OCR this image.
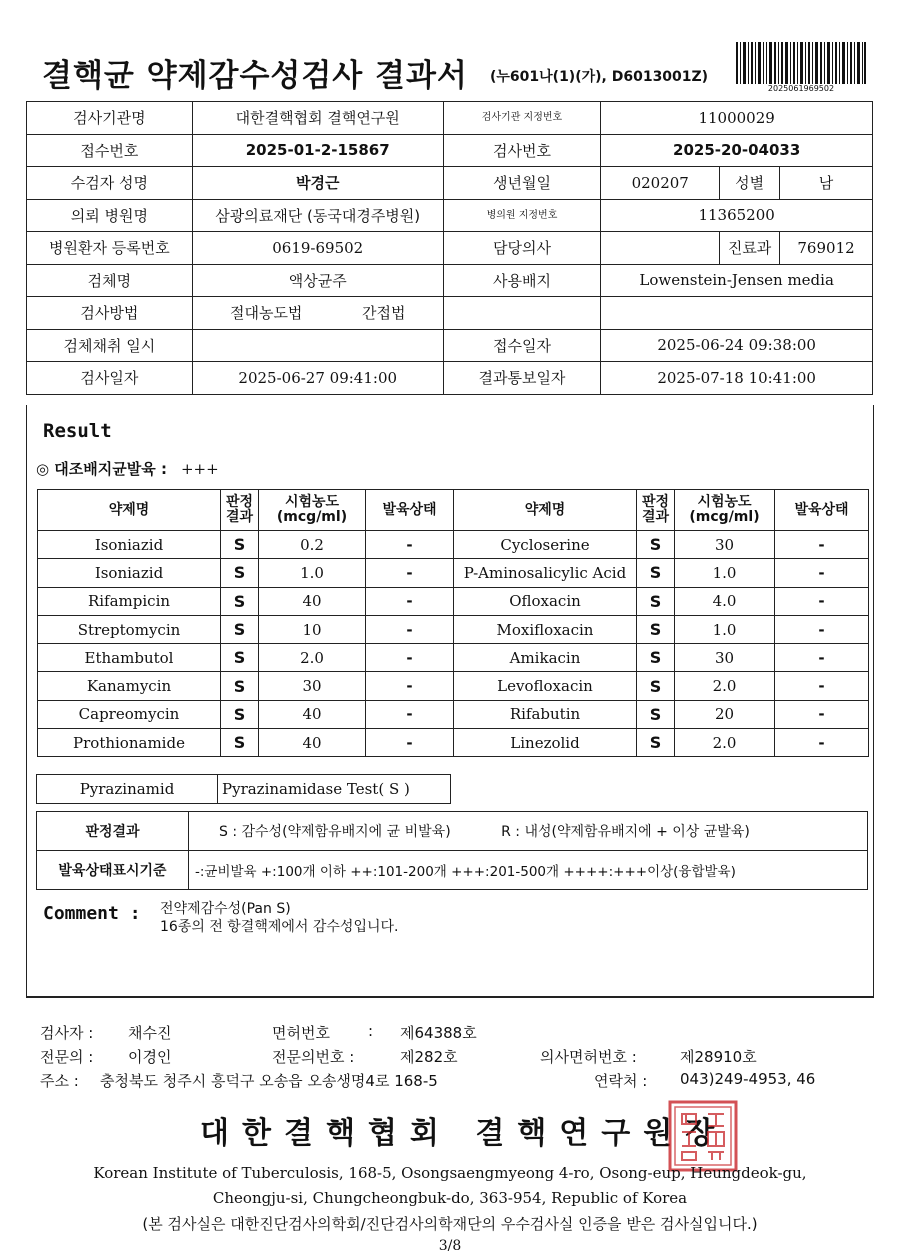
결핵균 약제감수성검사 결과서 (누601나(1)(가), D6013001Z)
2025061969502
검사기관명	대한결핵협회 결핵연구원	검사기관 지정번호	11000029		
접수번호	2025-01-2-15867	검사번호	2025-20-04033		
수검자 성명	박경근	생년월일	020207	성별	남
의뢰 병원명	삼광의료재단 (동국대경주병원)	병의원 지정번호	11365200		
병원환자 등록번호	0619-69502	담당의사		진료과	769012
검체명	액상균주	사용배지	Lowenstein-Jensen media		
검사방법	절대농도법 간접법				
검체채취 일시		접수일자	2025-06-24 09:38:00		
검사일자	2025-06-27 09:41:00	결과통보일자	2025-07-18 10:41:00		
Result
◎ 대조배지균발육 : +++
약제명	판정결과	시험농도(mcg/ml)	발육상태	약제명	판정결과	시험농도(mcg/ml)	발육상태
Isoniazid	S	0.2	-	Cycloserine	S	30	-
Isoniazid	S	1.0	-	P-Aminosalicylic Acid	S	1.0	-
Rifampicin	S	40	-	Ofloxacin	S	4.0	-
Streptomycin	S	10	-	Moxifloxacin	S	1.0	-
Ethambutol	S	2.0	-	Amikacin	S	30	-
Kanamycin	S	30	-	Levofloxacin	S	2.0	-
Capreomycin	S	40	-	Rifabutin	S	20	-
Prothionamide	S	40	-	Linezolid	S	2.0	-
Pyrazinamid	Pyrazinamidase Test( S )
판정결과	S : 감수성(약제함유배지에 균 비발육) R : 내성(약제함유배지에 + 이상 균발육)
발육상태표시기준	-:균비발육 +:100개 이하 ++:101-200개 +++:201-500개 ++++:+++이상(융합발육)
Comment : 전약제감수성(Pan S)
16종의 전 항결핵제에서 감수성입니다.
검사자 : 채수진	면허번호	: 제64388호
전문의 : 이경인	전문의번호 :	제282호	의사면허번호 :	제28910호
주소 : 충청북도 청주시 흥덕구 오송읍 오송생명4로 168-5	연락처 : 043)249-4953, 46
대한결핵협회 결핵연구원장
Korean Institute of Tuberculosis, 168-5, Osongsaengmyeong 4-ro, Osong-eup, Heungdeok-gu,
Cheongju-si, Chungcheongbuk-do, 363-954, Republic of Korea
(본 검사실은 대한진단검사의학회/진단검사의학재단의 우수검사실 인증을 받은 검사실입니다.)
3/8
